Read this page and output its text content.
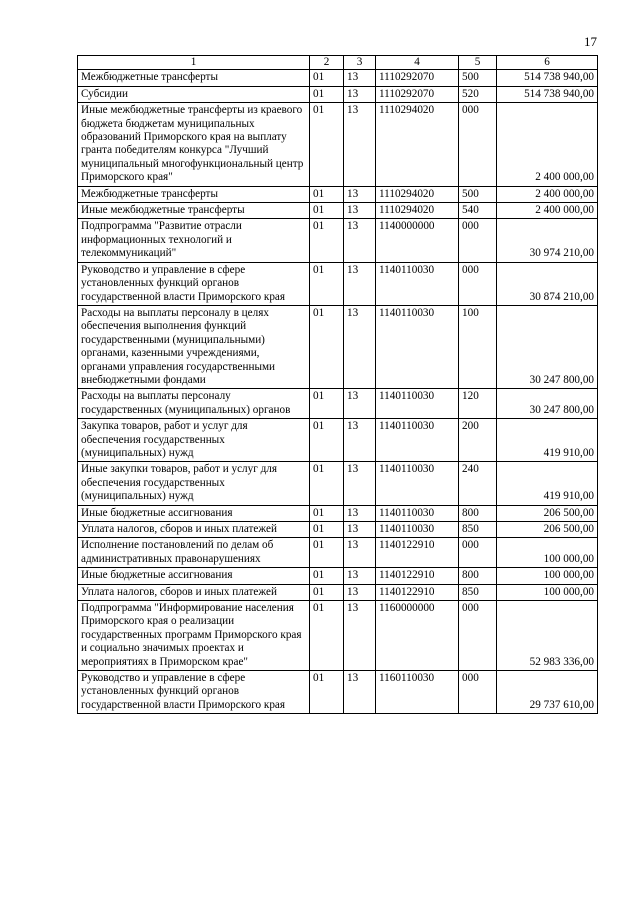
17
1	2	3	4	5	6
Межбюджетные трансферты	01	13	1110292070	500	514 738 940,00
Субсидии	01	13	1110292070	520	514 738 940,00
Иные межбюджетные трансферты из краевого бюджета бюджетам муниципальных образований Приморского края на выплату гранта победителям конкурса "Лучший муниципальный многофункциональный центр Приморского края"	01	13	1110294020	000	2 400 000,00
Межбюджетные трансферты	01	13	1110294020	500	2 400 000,00
Иные межбюджетные трансферты	01	13	1110294020	540	2 400 000,00
Подпрограмма "Развитие отрасли информационных технологий и телекоммуникаций"	01	13	1140000000	000	30 974 210,00
Руководство и управление в сфере установленных функций органов государственной власти Приморского края	01	13	1140110030	000	30 874 210,00
Расходы на выплаты персоналу в целях обеспечения выполнения функций государственными (муниципальными) органами, казенными учреждениями, органами управления государственными внебюджетными фондами	01	13	1140110030	100	30 247 800,00
Расходы на выплаты персоналу государственных (муниципальных) органов	01	13	1140110030	120	30 247 800,00
Закупка товаров, работ и услуг для обеспечения государственных (муниципальных) нужд	01	13	1140110030	200	419 910,00
Иные закупки товаров, работ и услуг для обеспечения государственных (муниципальных) нужд	01	13	1140110030	240	419 910,00
Иные бюджетные ассигнования	01	13	1140110030	800	206 500,00
Уплата налогов, сборов и иных платежей	01	13	1140110030	850	206 500,00
Исполнение постановлений по делам об административных правонарушениях	01	13	1140122910	000	100 000,00
Иные бюджетные ассигнования	01	13	1140122910	800	100 000,00
Уплата налогов, сборов и иных платежей	01	13	1140122910	850	100 000,00
Подпрограмма "Информирование населения Приморского края о реализации государственных программ Приморского края и социально значимых проектах и мероприятиях в Приморском крае"	01	13	1160000000	000	52 983 336,00
Руководство и управление в сфере установленных функций органов государственной власти Приморского края	01	13	1160110030	000	29 737 610,00
